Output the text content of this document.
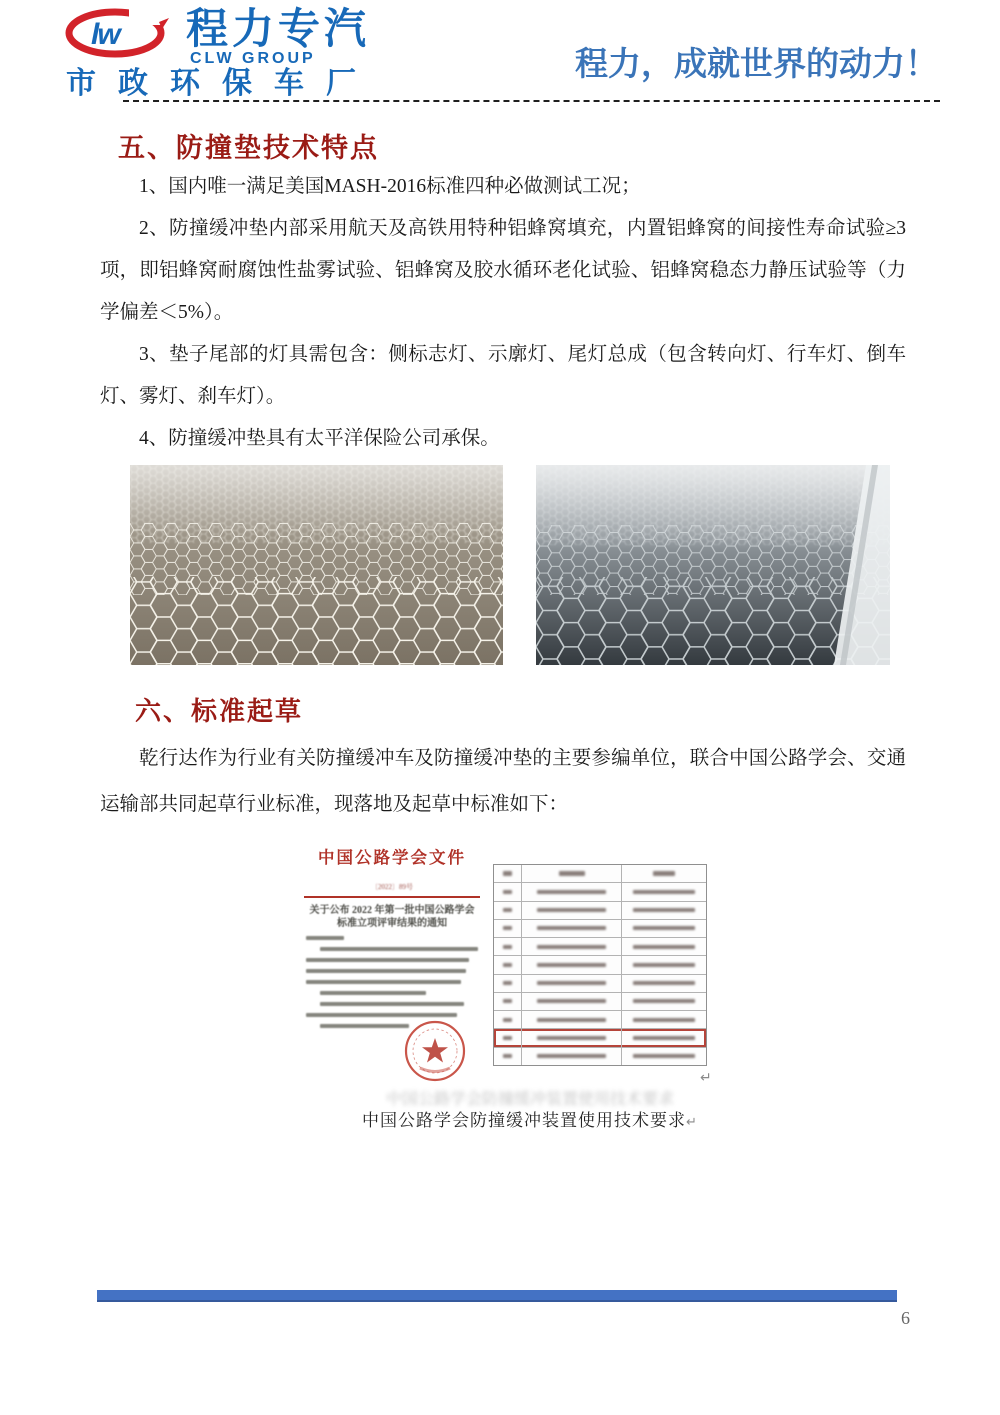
lw 程力专汽
CLW GROUP
市政环保车厂
程力，成就世界的动力！
五、防撞垫技术特点

1、国内唯一满足美国MASH-2016标准四种必做测试工况；

2、防撞缓冲垫内部采用航天及高铁用特种铝蜂窝填充，内置铝蜂窝的间接性寿命试验≥3项，即铝蜂窝耐腐蚀性盐雾试验、铝蜂窝及胶水循环老化试验、铝蜂窝稳态力静压试验等（力学偏差＜5%）。

3、垫子尾部的灯具需包含：侧标志灯、示廓灯、尾灯总成（包含转向灯、行车灯、倒车灯、雾灯、刹车灯）。

4、防撞缓冲垫具有太平洋保险公司承保。

六、标准起草

乾行达作为行业有关防撞缓冲车及防撞缓冲垫的主要参编单位，联合中国公路学会、交通运输部共同起草行业标准，现落地及起草中标准如下：

中国公路学会文件
〔2022〕89号
关于公布 2022 年第一批中国公路学会标准立项评审结果的通知
↵
中国公路学会防撞缓冲装置使用技术要求
中国公路学会防撞缓冲装置使用技术要求↵
6
